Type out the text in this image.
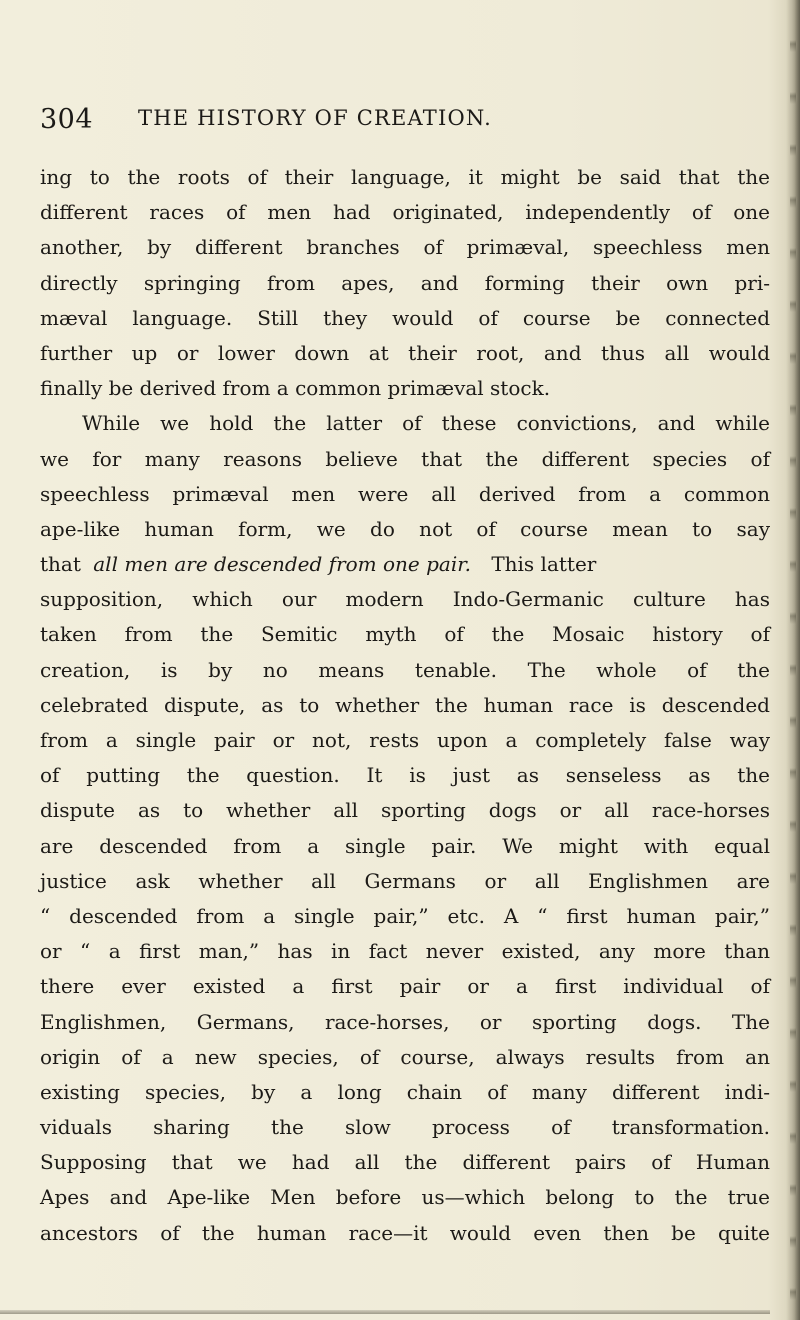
304 THE HISTORY OF CREATION.
ing to the roots of their language, it might be said that the
different races of men had originated, independently of one
another, by different branches of primæval, speechless men
directly springing from apes, and forming their own pri-
mæval language. Still they would of course be connected
further up or lower down at their root, and thus all would
finally be derived from a common primæval stock.
While we hold the latter of these convictions, and while
we for many reasons believe that the different species of
speechless primæval men were all derived from a common
ape-like human form, we do not of course mean to say
that all men are descended from one pair. This latter
supposition, which our modern Indo-Germanic culture has
taken from the Semitic myth of the Mosaic history of
creation, is by no means tenable. The whole of the
celebrated dispute, as to whether the human race is descended
from a single pair or not, rests upon a completely false way
of putting the question. It is just as senseless as the
dispute as to whether all sporting dogs or all race-horses
are descended from a single pair. We might with equal
justice ask whether all Germans or all Englishmen are
“ descended from a single pair,” etc. A “ first human pair,”
or “ a first man,” has in fact never existed, any more than
there ever existed a first pair or a first individual of
Englishmen, Germans, race-horses, or sporting dogs. The
origin of a new species, of course, always results from an
existing species, by a long chain of many different indi-
viduals sharing the slow process of transformation.
Supposing that we had all the different pairs of Human
Apes and Ape-like Men before us—which belong to the true
ancestors of the human race—it would even then be quite
